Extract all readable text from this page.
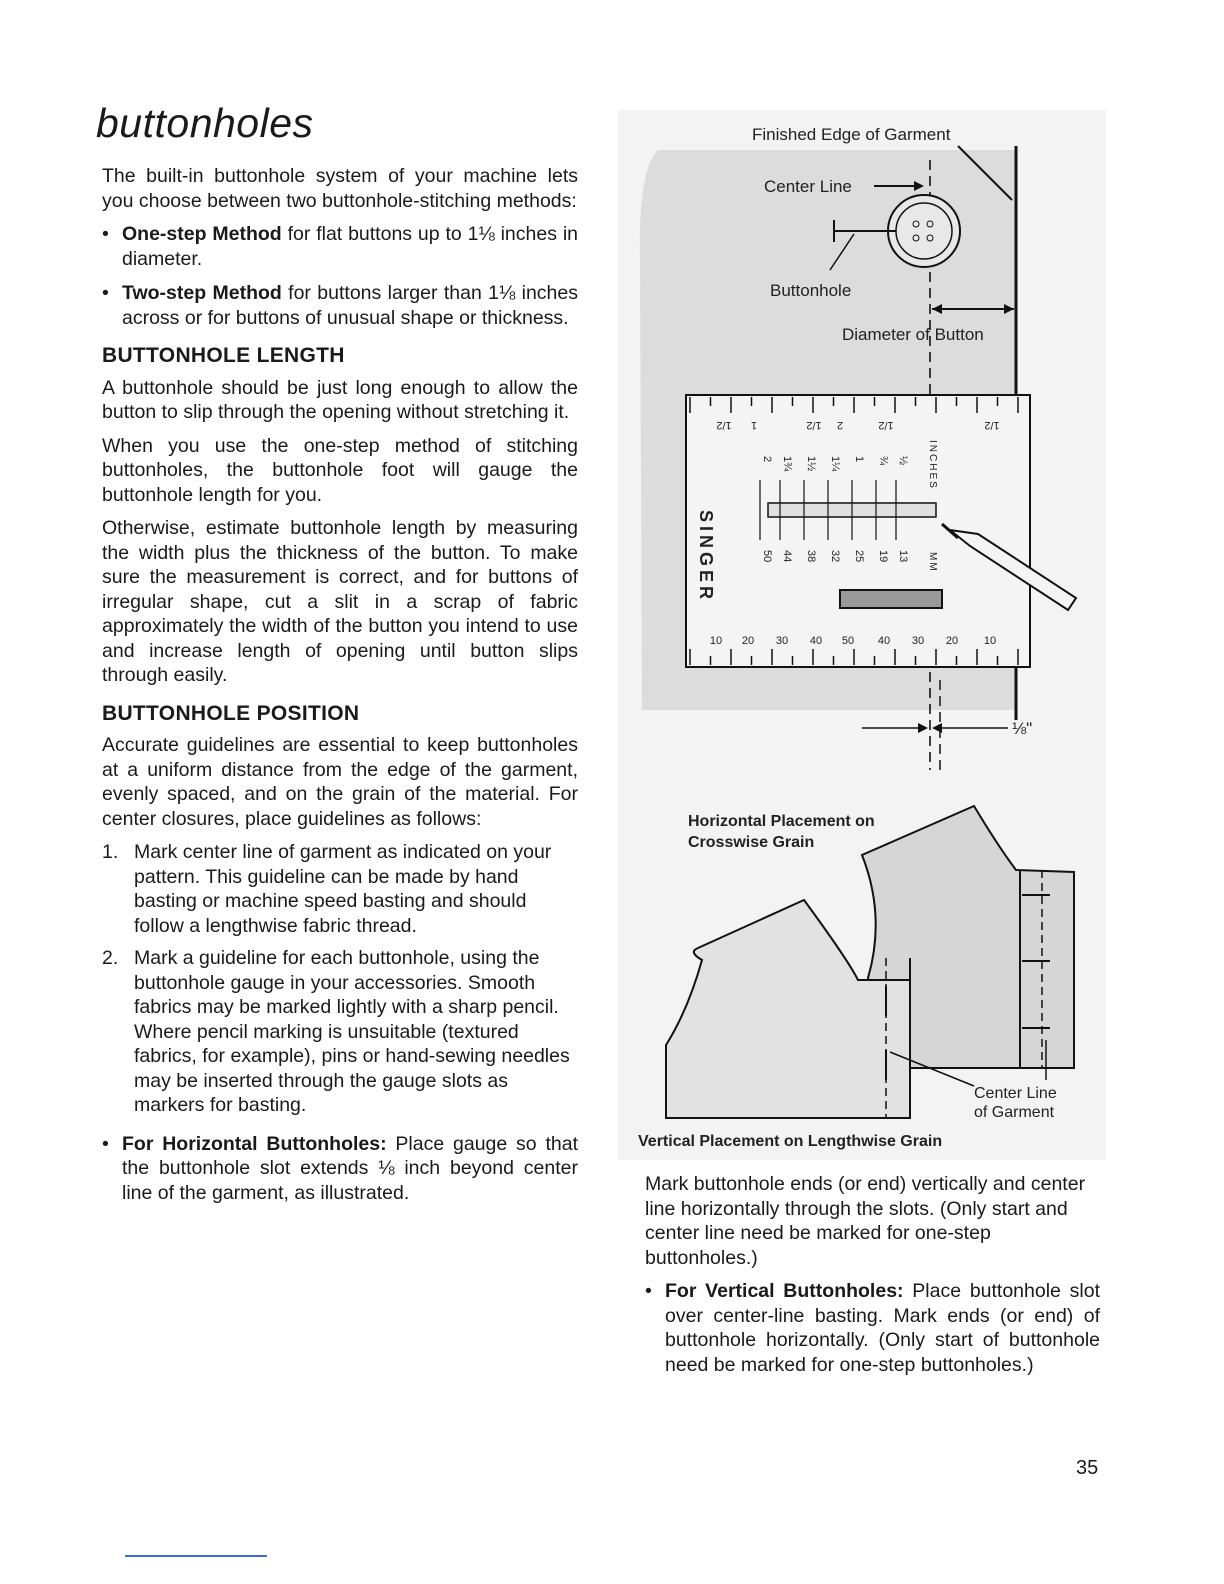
buttonholes

The built-in buttonhole system of your machine lets you choose between two buttonhole-stitching methods:

• One-step Method for flat buttons up to 1⅛ inches in diameter.
• Two-step Method for buttons larger than 1⅛ inches across or for buttons of unusual shape or thickness.
BUTTONHOLE LENGTH

A buttonhole should be just long enough to allow the button to slip through the opening without stretching it.

When you use the one-step method of stitching buttonholes, the buttonhole foot will gauge the buttonhole length for you.

Otherwise, estimate buttonhole length by measuring the width plus the thickness of the button. To make sure the measurement is correct, and for buttons of irregular shape, cut a slit in a scrap of fabric approximately the width of the button you intend to use and increase length of opening until button slips through easily.

BUTTONHOLE POSITION

Accurate guidelines are essential to keep buttonholes at a uniform distance from the edge of the garment, evenly spaced, and on the grain of the material. For center closures, place guidelines as follows:

1. Mark center line of garment as indicated on your pattern. This guideline can be made by hand basting or machine speed basting and should follow a lengthwise fabric thread.
2. Mark a guideline for each buttonhole, using the buttonhole gauge in your accessories. Smooth fabrics may be marked lightly with a sharp pencil. Where pencil marking is unsuitable (textured fabrics, for example), pins or hand-sewing needles may be inserted through the gauge slots as markers for basting.
• For Horizontal Buttonholes: Place gauge so that the buttonhole slot extends ⅛ inch beyond center line of the garment, as illustrated.
Finished Edge of Garment
Center Line
Buttonhole
Diameter of Button
1/2 1	1/2 2	1/2	1/2
SINGER
INCHES
MM
½
¾
1
1¼
1½
1¾
2
13
19
25
32
38
44
50
10 20 30 40 50 40 30 20 10
⅛"
Horizontal Placement on
Crosswise Grain
Center Line
of Garment
Vertical Placement on Lengthwise Grain

Mark buttonhole ends (or end) vertically and center line horizontally through the slots. (Only start and center line need be marked for one-step buttonholes.)

• For Vertical Buttonholes: Place buttonhole slot over center-line basting. Mark ends (or end) of buttonhole horizontally. (Only start of buttonhole need be marked for one-step buttonholes.)
35
